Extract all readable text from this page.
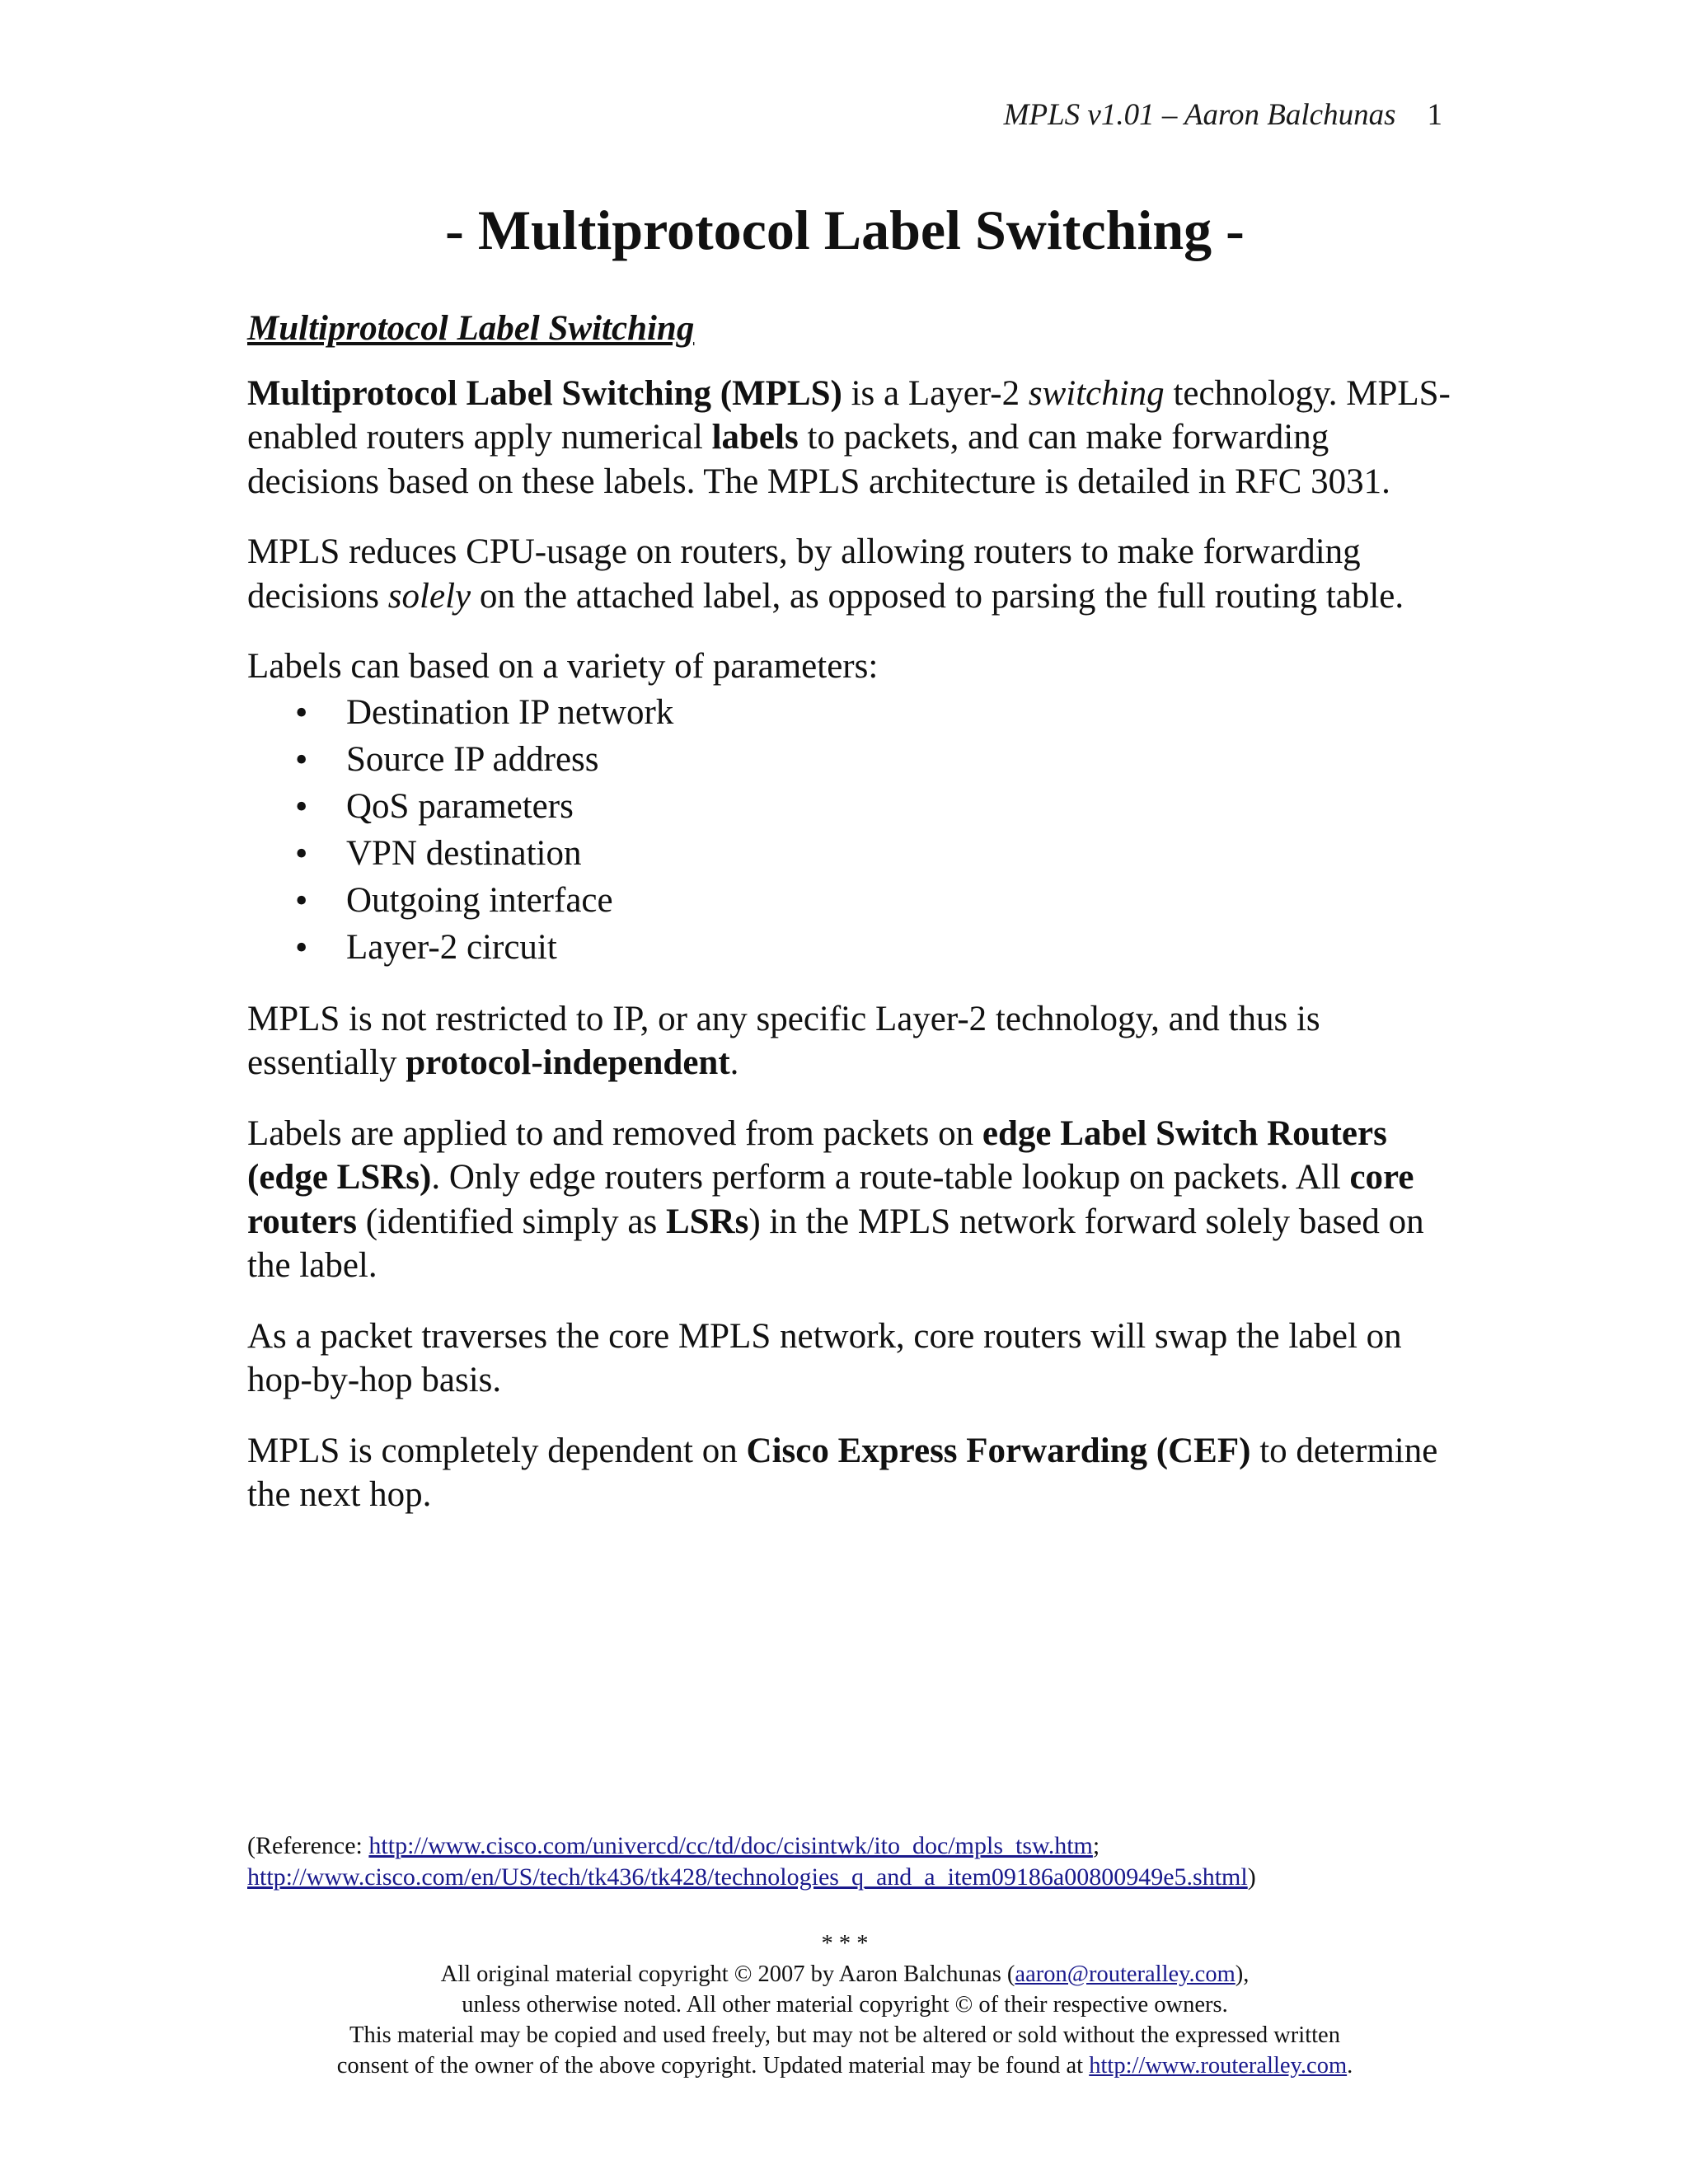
MPLS v1.01 – Aaron Balchunas 1
- Multiprotocol Label Switching -
Multiprotocol Label Switching

Multiprotocol Label Switching (MPLS) is a Layer-2 switching technology. MPLS-enabled routers apply numerical labels to packets, and can make forwarding decisions based on these labels. The MPLS architecture is detailed in RFC 3031.

MPLS reduces CPU-usage on routers, by allowing routers to make forwarding decisions solely on the attached label, as opposed to parsing the full routing table.

Labels can based on a variety of parameters:

• Destination IP network
• Source IP address
• QoS parameters
• VPN destination
• Outgoing interface
• Layer-2 circuit

MPLS is not restricted to IP, or any specific Layer-2 technology, and thus is essentially protocol-independent.

Labels are applied to and removed from packets on edge Label Switch Routers (edge LSRs). Only edge routers perform a route-table lookup on packets. All core routers (identified simply as LSRs) in the MPLS network forward solely based on the label.

As a packet traverses the core MPLS network, core routers will swap the label on hop-by-hop basis.

MPLS is completely dependent on Cisco Express Forwarding (CEF) to determine the next hop.

(Reference: http://www.cisco.com/univercd/cc/td/doc/cisintwk/ito_doc/mpls_tsw.htm;
http://www.cisco.com/en/US/tech/tk436/tk428/technologies_q_and_a_item09186a00800949e5.shtml)
* * *
All original material copyright © 2007 by Aaron Balchunas (aaron@routeralley.com),
unless otherwise noted. All other material copyright © of their respective owners.
This material may be copied and used freely, but may not be altered or sold without the expressed written
consent of the owner of the above copyright. Updated material may be found at http://www.routeralley.com.
